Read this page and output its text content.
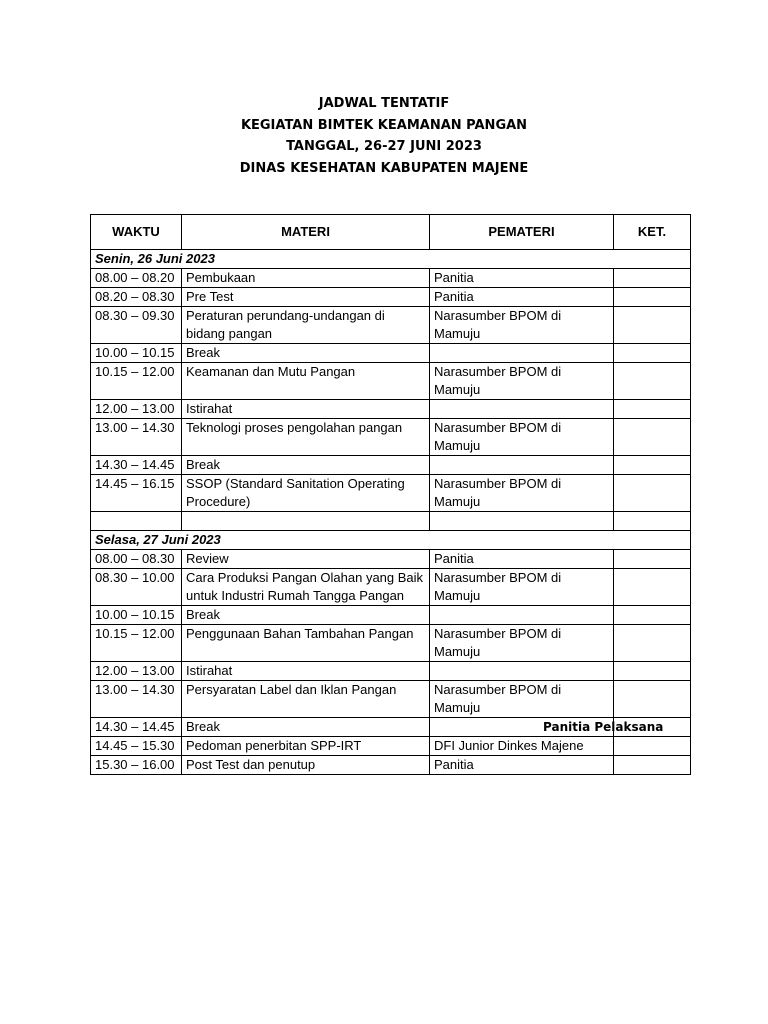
JADWAL TENTATIF
KEGIATAN BIMTEK KEAMANAN PANGAN
TANGGAL, 26-27 JUNI 2023
DINAS KESEHATAN KABUPATEN MAJENE
WAKTU	MATERI	PEMATERI	KET.
Senin, 26 Juni 2023			
08.00 – 08.20	Pembukaan	Panitia	
08.20 – 08.30	Pre Test	Panitia	
08.30 – 09.30	Peraturan perundang-undangan di bidang pangan	Narasumber BPOM di Mamuju	
10.00 – 10.15	Break		
10.15 – 12.00	Keamanan dan Mutu Pangan	Narasumber BPOM di Mamuju	
12.00 – 13.00	Istirahat		
13.00 – 14.30	Teknologi proses pengolahan pangan	Narasumber BPOM di Mamuju	
14.30 – 14.45	Break		
14.45 – 16.15	SSOP (Standard Sanitation Operating Procedure)	Narasumber BPOM di Mamuju	

Selasa, 27 Juni 2023			
08.00 – 08.30	Review	Panitia	
08.30 – 10.00	Cara Produksi Pangan Olahan yang Baik untuk Industri Rumah Tangga Pangan	Narasumber BPOM di Mamuju	
10.00 – 10.15	Break		
10.15 – 12.00	Penggunaan Bahan Tambahan Pangan	Narasumber BPOM di Mamuju	
12.00 – 13.00	Istirahat		
13.00 – 14.30	Persyaratan Label dan Iklan Pangan	Narasumber BPOM di Mamuju	
14.30 – 14.45	Break		
14.45 – 15.30	Pedoman penerbitan SPP-IRT	DFI Junior Dinkes Majene	
15.30 – 16.00	Post Test dan penutup	Panitia	
Panitia Pelaksana
